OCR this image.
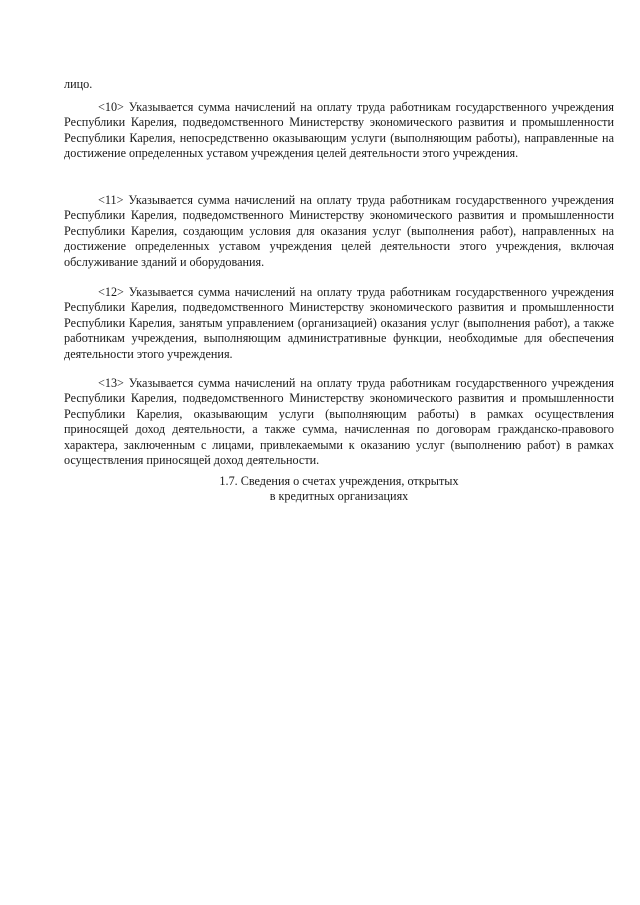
лицо.

<10> Указывается сумма начислений на оплату труда работникам государственного учреждения Республики Карелия, подведомственного Министерству экономического развития и промышленности Республики Карелия, непосредственно оказывающим услуги (выполняющим работы), направленные на достижение определенных уставом учреждения целей деятельности этого учреждения.

<11> Указывается сумма начислений на оплату труда работникам государственного учреждения Республики Карелия, подведомственного Министерству экономического развития и промышленности Республики Карелия, создающим условия для оказания услуг (выполнения работ), направленных на достижение определенных уставом учреждения целей деятельности этого учреждения, включая обслуживание зданий и оборудования.

<12> Указывается сумма начислений на оплату труда работникам государственного учреждения Республики Карелия, подведомственного Министерству экономического развития и промышленности Республики Карелия, занятым управлением (организацией) оказания услуг (выполнения работ), а также работникам учреждения, выполняющим административные функции, необходимые для обеспечения деятельности этого учреждения.

<13> Указывается сумма начислений на оплату труда работникам государственного учреждения Республики Карелия, подведомственного Министерству экономического развития и промышленности Республики Карелия, оказывающим услуги (выполняющим работы) в рамках осуществления приносящей доход деятельности, а также сумма, начисленная по договорам гражданско-правового характера, заключенным с лицами, привлекаемыми к оказанию услуг (выполнению работ) в рамках осуществления приносящей доход деятельности.

1.7. Сведения о счетах учреждения, открытых
в кредитных организациях
